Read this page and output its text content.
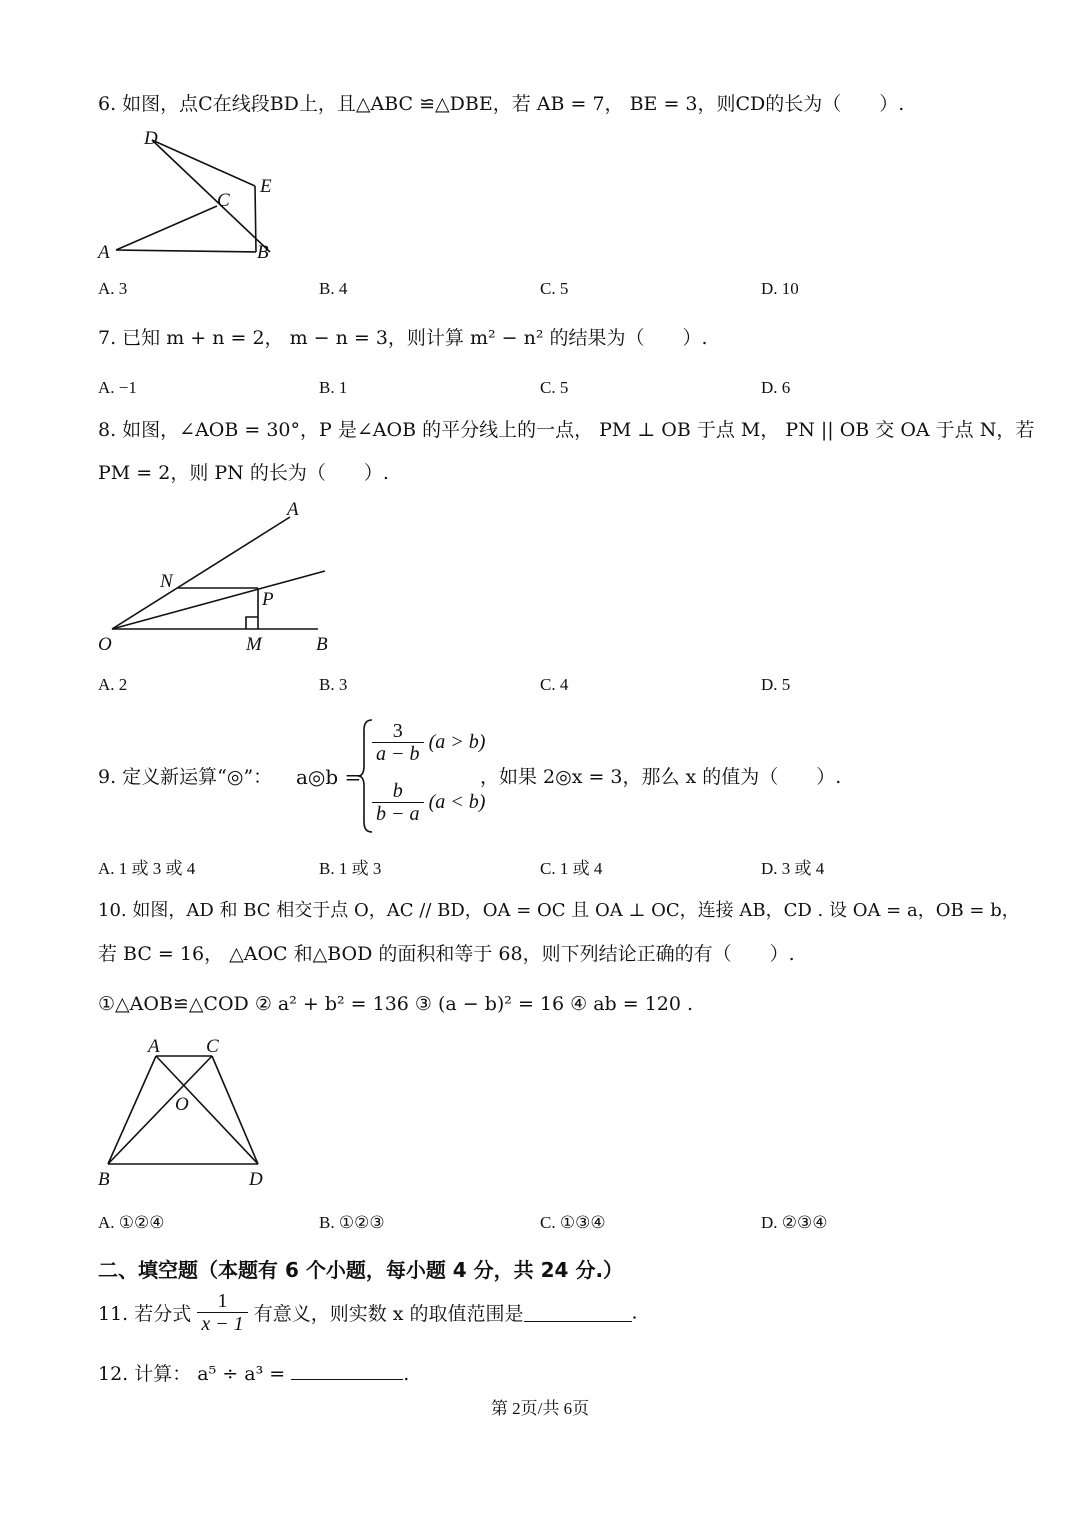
6. 如图，点C在线段BD上，且△ABC ≌△DBE，若 AB = 7， BE = 3，则CD的长为（　　）.
D
E
C
A	B
A. 3	B. 4	C. 5	D. 10
7. 已知 m + n = 2， m − n = 3，则计算 m² − n² 的结果为（　　）.
A. −1	B. 1	C. 5	D. 6
8. 如图，∠AOB = 30°，P 是∠AOB 的平分线上的一点， PM ⊥ OB 于点 M， PN || OB 交 OA 于点 N，若
PM = 2，则 PN 的长为（　　）.
A
N
P
O	M	B
A. 2	B. 3	C. 4	D. 5
9. 定义新运算“◎”： a◎b =
$\frac{3}{a - b} (a > b)$
$\frac{b}{b - a} (a < b)$
，如果 2◎x = 3，那么 x 的值为（　　）.
A. 1 或 3 或 4	B. 1 或 3	C. 1 或 4	D. 3 或 4
10. 如图，AD 和 BC 相交于点 O，AC // BD，OA = OC 且 OA ⊥ OC，连接 AB，CD . 设 OA = a，OB = b，
若 BC = 16， △AOC 和△BOD 的面积和等于 68，则下列结论正确的有（　　）.
①△AOB≌△COD ② a² + b² = 136 ③ (a − b)² = 16 ④ ab = 120 .
A C
O
B	D
A. ①②④	B. ①②③	C. ①③④	D. ②③④
二、填空题（本题有 6 个小题，每小题 4 分，共 24 分.）
11. 若分式 $\frac{1}{x - 1}$ 有意义，则实数 x 的取值范围是	.
12. 计算： a⁵ ÷ a³ =	.
第 2页/共 6页
